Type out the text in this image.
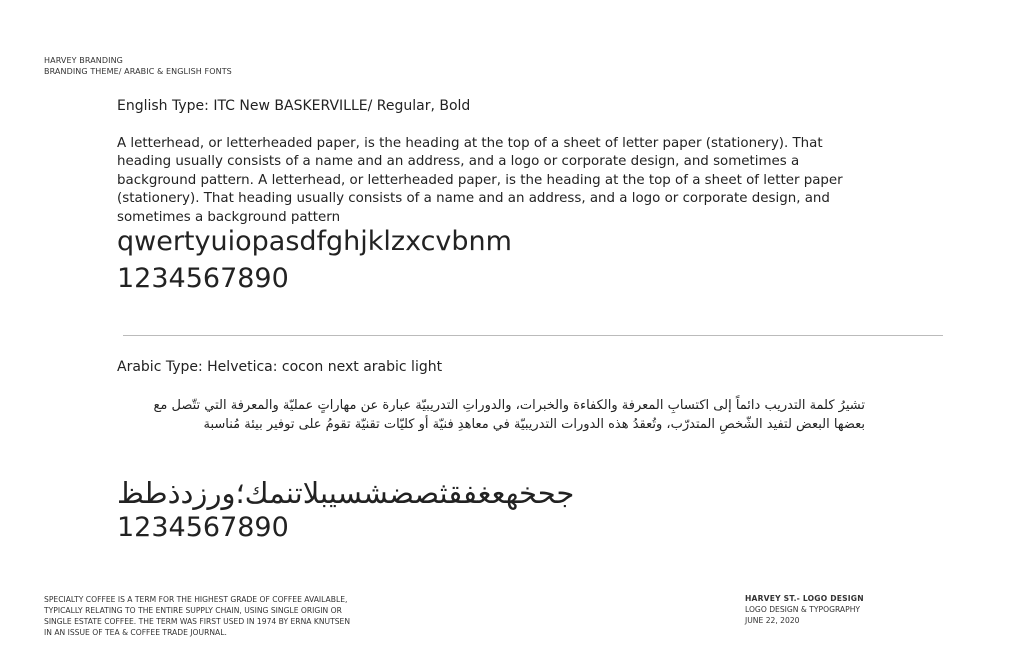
HARVEY BRANDING
BRANDING THEME/ ARABIC & ENGLISH FONTS
English Type: ITC New BASKERVILLE/ Regular, Bold
A letterhead, or letterheaded paper, is the heading at the top of a sheet of letter paper (stationery). That heading usually consists of a name and an address, and a logo or corporate design, and sometimes a background pattern. A letterhead, or letterheaded paper, is the heading at the top of a sheet of letter paper (stationery). That heading usually consists of a name and an address, and a logo or corporate design, and sometimes a background pattern
qwertyuiopasdfghjklzxcvbnm
1234567890
Arabic Type: Helvetica: cocon next arabic light
تشيرُ كلمة التدريب دائماً إلى اكتسابِ المعرفة والكفاءة والخبرات، والدوراتِ التدريبيّة عبارة عن مهاراتٍ عمليّة والمعرفة التي تتّصل مع بعضها البعض لتفيد الشّخصِ المتدرّب، وتُعقدُ هذه الدورات التدريبيّة في معاهدِ فنيّة أو كليّات تقنيّة تقومُ على توفير بيئة مُناسبة
جحخهعغفقثصضشسيبلاتنمك؛ورزدذطظ
1234567890
SPECIALTY COFFEE IS A TERM FOR THE HIGHEST GRADE OF COFFEE AVAILABLE, TYPICALLY RELATING TO THE ENTIRE SUPPLY CHAIN, USING SINGLE ORIGIN OR SINGLE ESTATE COFFEE. THE TERM WAS FIRST USED IN 1974 BY ERNA KNUTSEN IN AN ISSUE OF TEA & COFFEE TRADE JOURNAL.
HARVEY ST.- LOGO DESIGN
LOGO DESIGN & TYPOGRAPHY
JUNE 22, 2020
